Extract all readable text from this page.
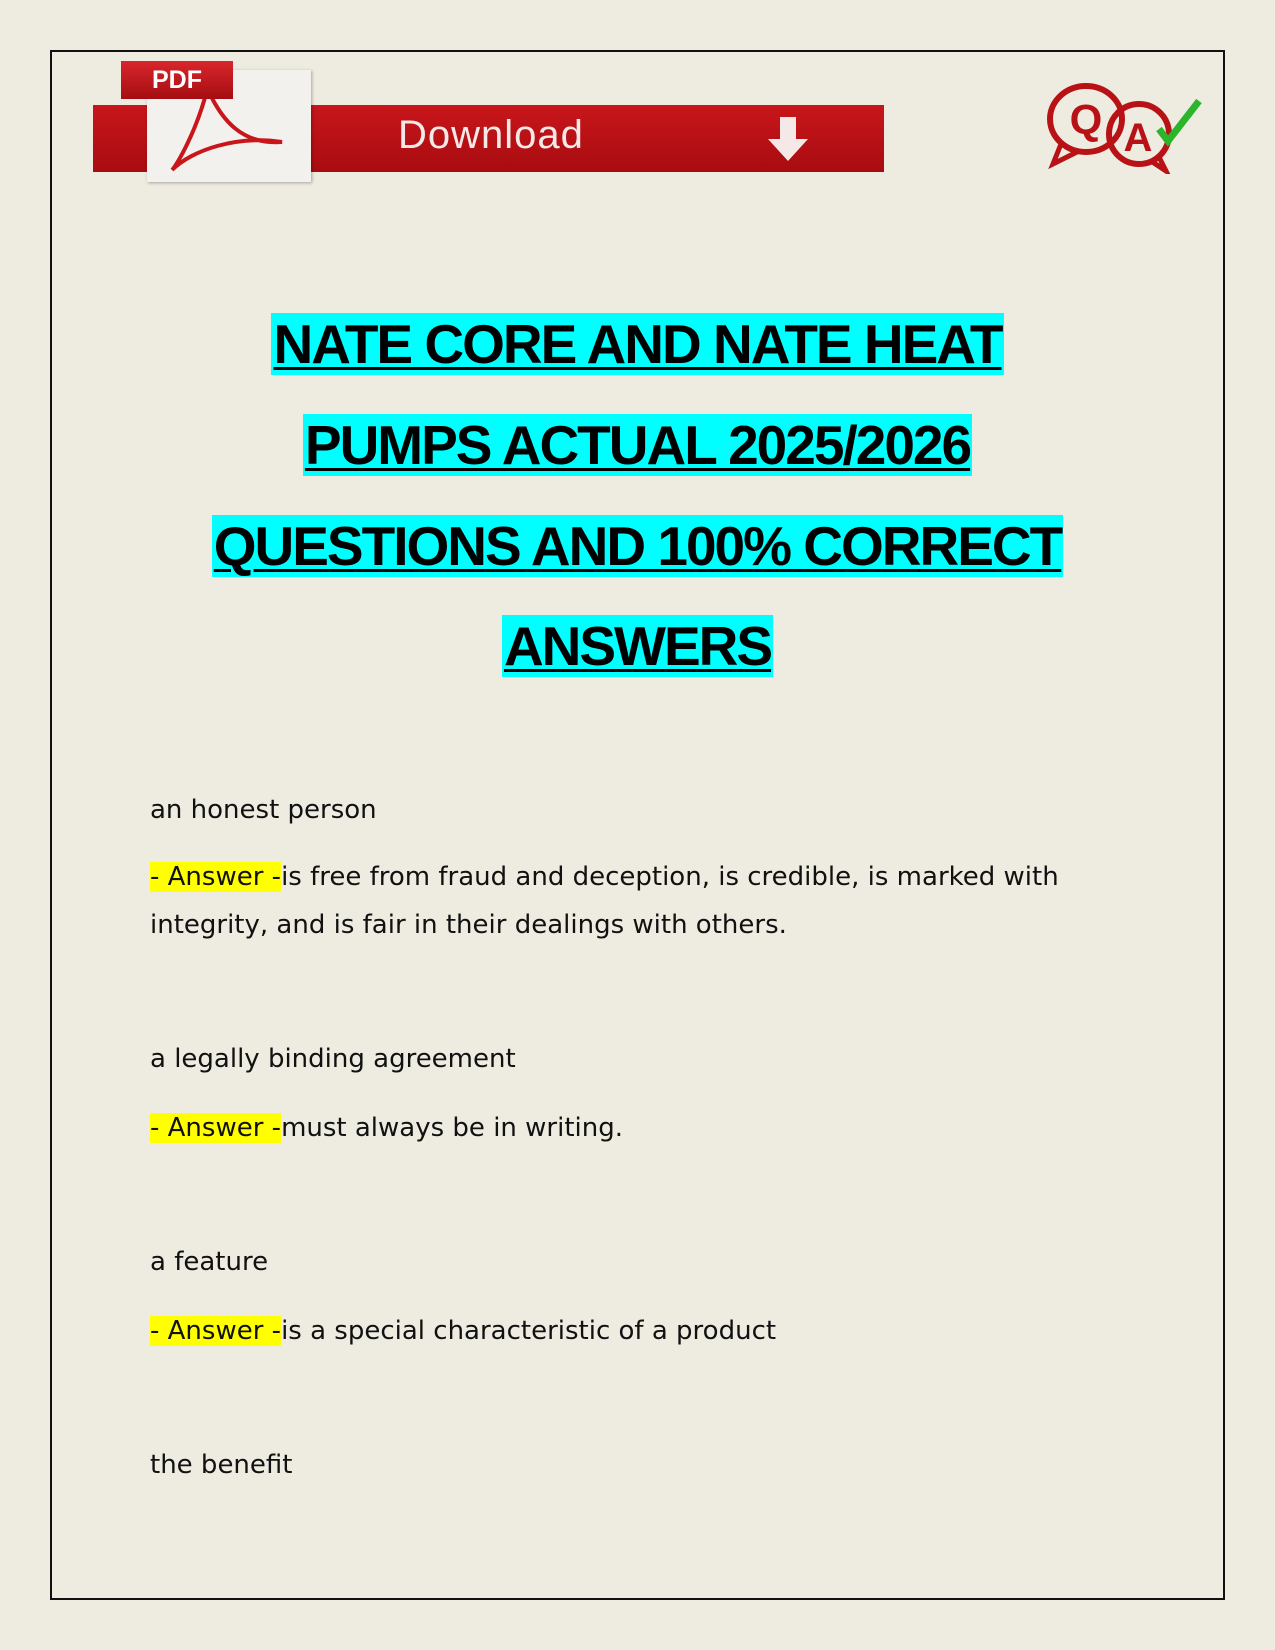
Download
PDF
Q A
NATE CORE AND NATE HEAT
PUMPS ACTUAL 2025/2026
QUESTIONS AND 100% CORRECT
ANSWERS
an honest person
- Answer -is free from fraud and deception, is credible, is marked with
integrity, and is fair in their dealings with others.
a legally binding agreement
- Answer -must always be in writing.
a feature
- Answer -is a special characteristic of a product
the benefit
